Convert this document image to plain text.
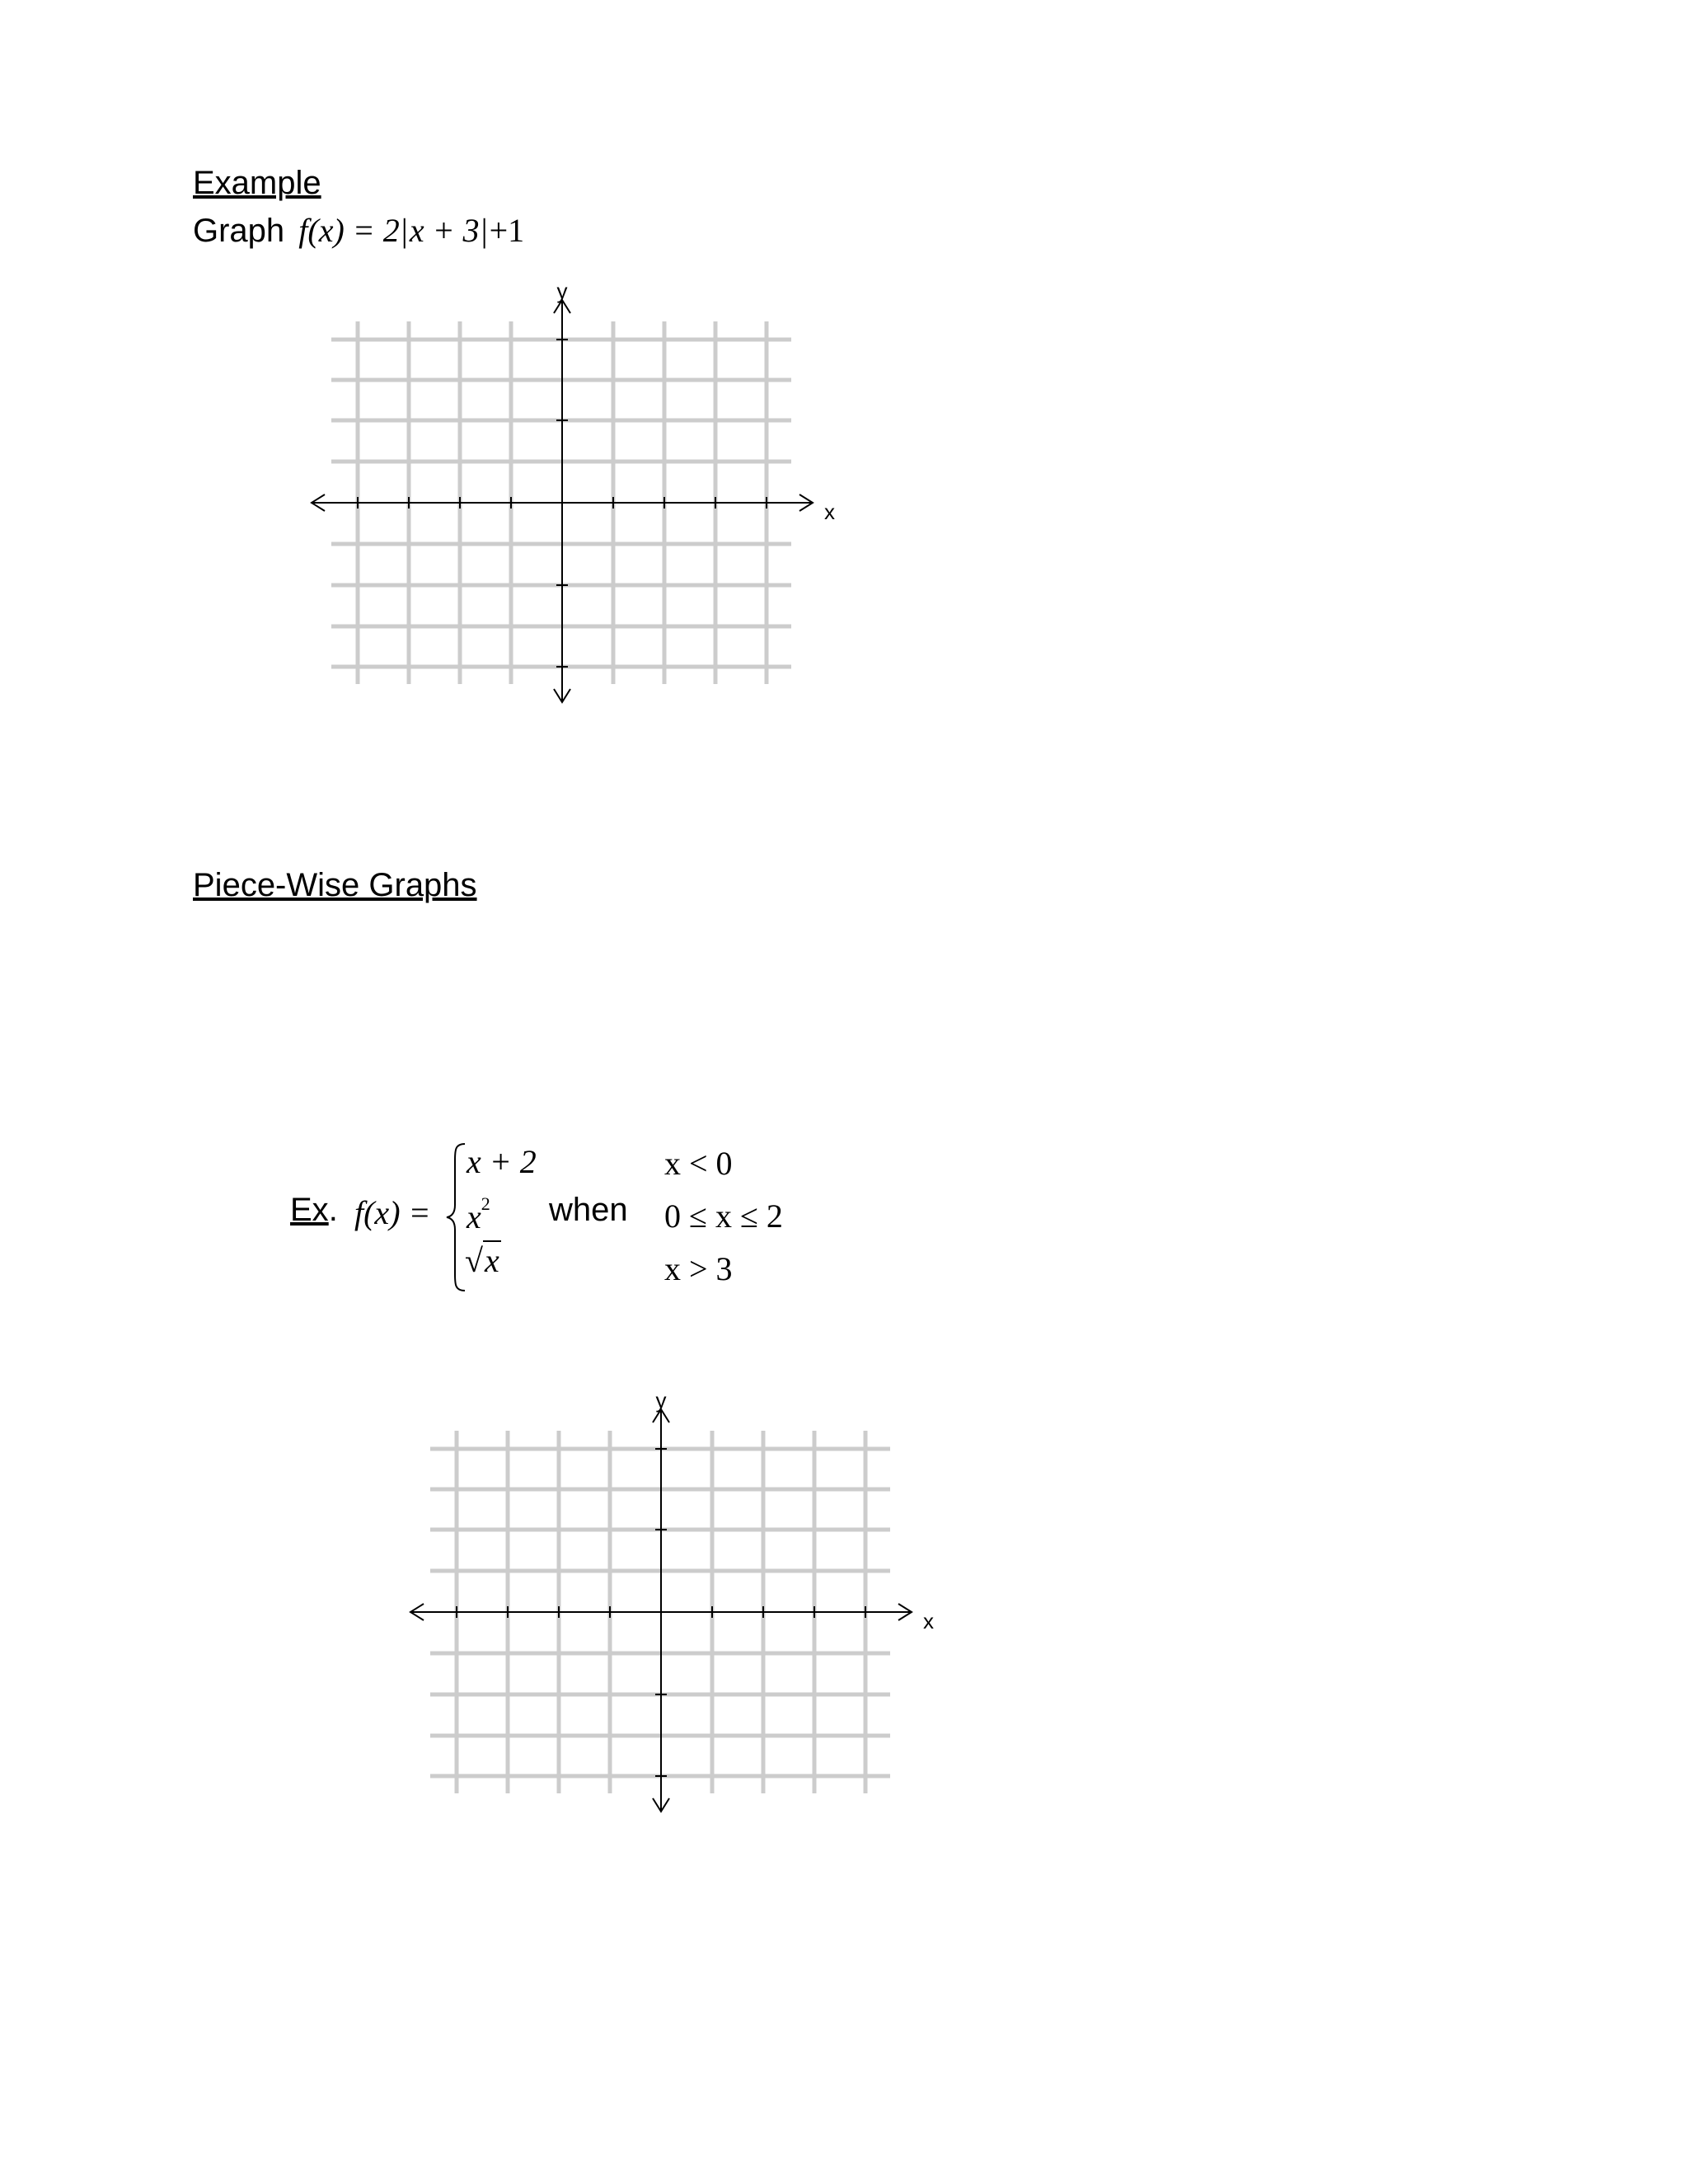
Example
Graph f(x) = 2|x + 3|+1
y
x
Piece-Wise Graphs
Ex. f(x) =
x + 2
$x^2$
√x
when
x < 0
0 ≤ x ≤ 2
x > 3
y
x
